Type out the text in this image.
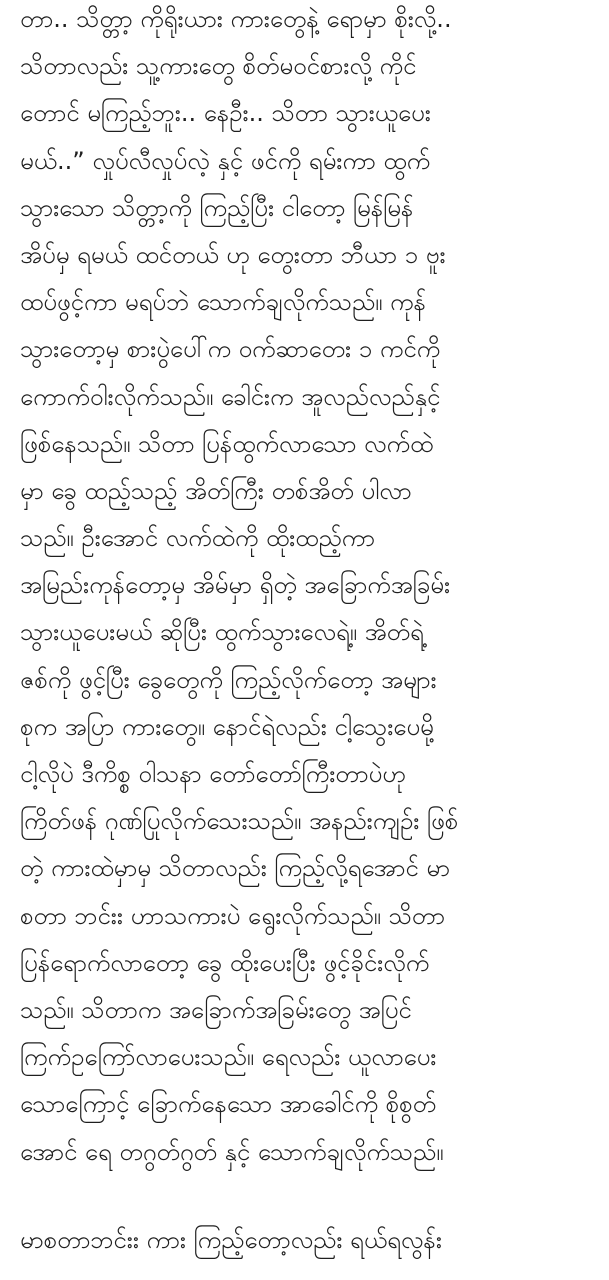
တာ.. သိတ္တာ့ ကိုရိုးယား ကားတွေနဲ့ ရောမှာ စိုးလို့..
သိတာလည်း သူ့ကားတွေ စိတ်မဝင်စားလို့ ကိုင်
တောင် မကြည့်ဘူး.. နေဦး.. သိတာ သွားယူပေး
မယ်..” လှုပ်လီလှုပ်လဲ့ နှင့် ဖင်ကို ရမ်းကာ ထွက်
သွားသော သိတ္တာ့ကို ကြည့်ပြီး ငါတော့ မြန်မြန်
အိပ်မှ ရမယ် ထင်တယ် ဟု တွေးတာ ဘီယာ ၁ ဗူး
ထပ်ဖွင့်ကာ မရပ်ဘဲ သောက်ချလိုက်သည်။ ကုန်
သွားတော့မှ စားပွဲပေါ်က ဝက်ဆာတေး ၁ ကင်ကို
ကောက်ဝါးလိုက်သည်။ ခေါင်းက အူလည်လည်နှင့်
ဖြစ်နေသည်။ သိတာ ပြန်ထွက်လာသော လက်ထဲ
မှာ ခွေ ထည့်သည့် အိတ်ကြီး တစ်အိတ် ပါလာ
သည်။ ဦးအောင် လက်ထဲကို ထိုးထည့်ကာ
အမြည်းကုန်တော့မှ အိမ်မှာ ရှိတဲ့ အခြောက်အခြမ်း
သွားယူပေးမယ် ဆိုပြီး ထွက်သွားလေရဲ့။ အိတ်ရဲ့
ဇစ်ကို ဖွင့်ပြီး ခွေတွေကို ကြည့်လိုက်တော့ အများ
စုက အပြာ ကားတွေ။ နောင်ရဲလည်း ငါ့သွေးပေမို့
ငါ့လိုပဲ ဒီကိစ္စ ဝါသနာ တော်တော်ကြီးတာပဲဟု
ကြိတ်ဖန် ဂုဏ်ပြုလိုက်သေးသည်။ အနည်းကျဉ်း ဖြစ်
တဲ့ ကားထဲမှာမှ သိတာလည်း ကြည့်လို့ရအောင် မာ
စတာ ဘင်းး ဟာသကားပဲ ရွေးလိုက်သည်။ သိတာ
ပြန်ရောက်လာတော့ ခွေ ထိုးပေးပြီး ဖွင့်ခိုင်းလိုက်
သည်။ သိတာက အခြောက်အခြမ်းတွေ အပြင်
ကြက်ဥကြော်လာပေးသည်။ ရေလည်း ယူလာပေး
သောကြောင့် ခြောက်နေသော အာခေါင်ကို စိုစွတ်
အောင် ရေ တဂွတ်ဂွတ် နှင့် သောက်ချလိုက်သည်။
မာစတာဘင်းး ကား ကြည့်တော့လည်း ရယ်ရလွန်း
